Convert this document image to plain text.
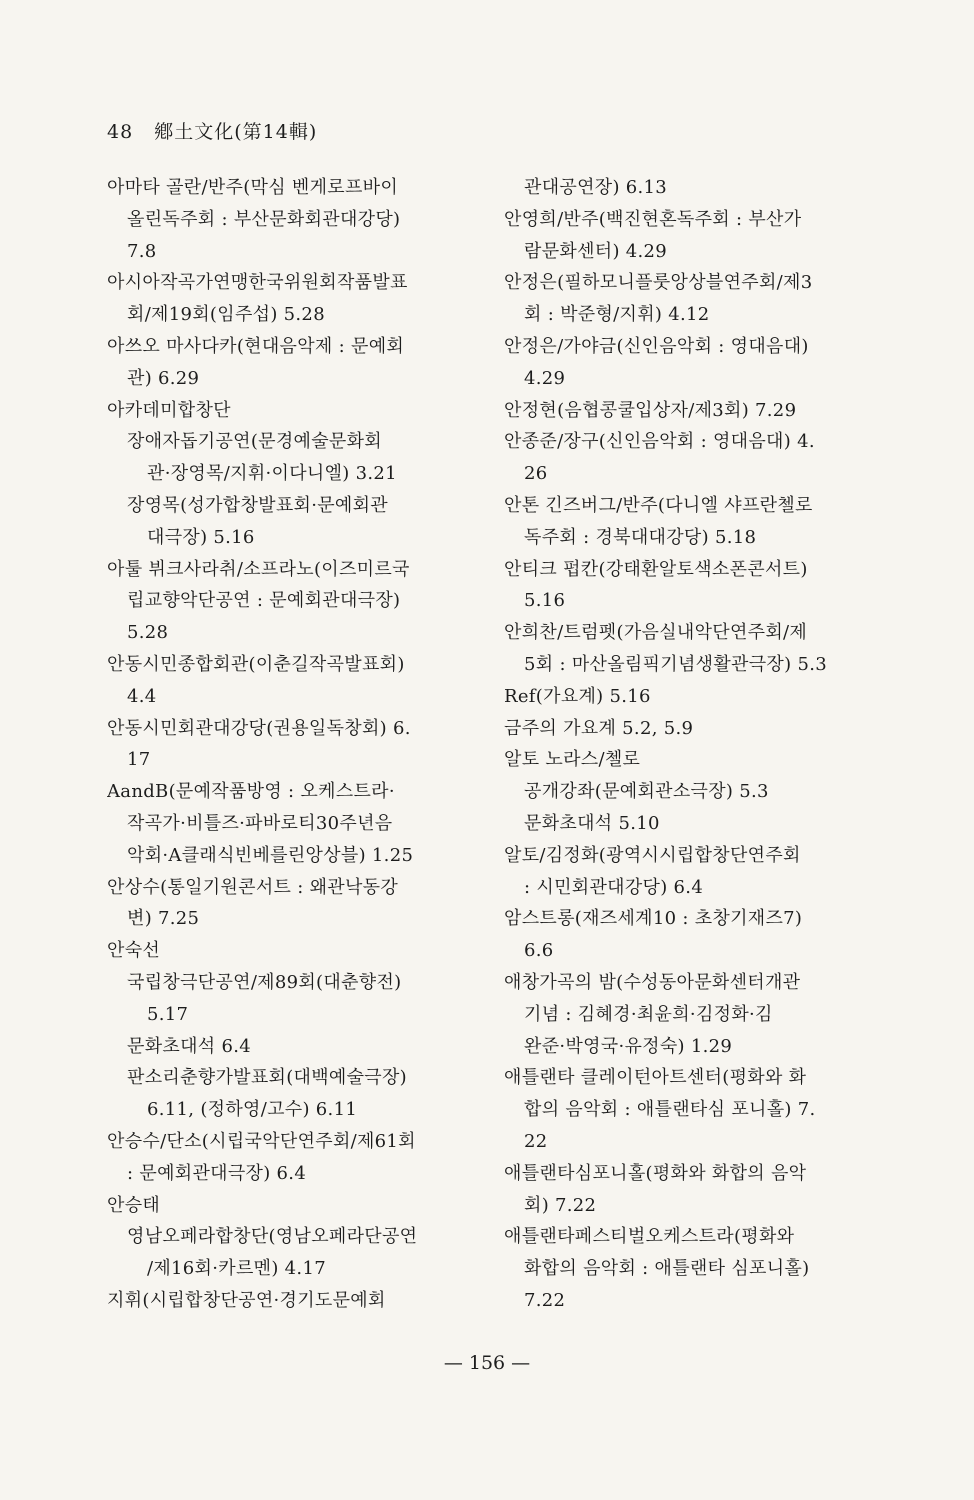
48 鄕土文化(第14輯)
아마타 골란/반주(막심 벤게로프바이
올린독주회 : 부산문화회관대강당)
7.8
아시아작곡가연맹한국위원회작품발표
회/제19회(임주섭) 5.28
아쓰오 마사다카(현대음악제 : 문예회
관) 6.29
아카데미합창단
장애자돕기공연(문경예술문화회
관·장영목/지휘·이다니엘) 3.21
장영목(성가합창발표회·문예회관
대극장) 5.16
아툴 뷔크사라취/소프라노(이즈미르국
립교향악단공연 : 문예회관대극장)
5.28
안동시민종합회관(이춘길작곡발표회)
4.4
안동시민회관대강당(권용일독창회) 6.
17
AandB(문예작품방영 : 오케스트라·
작곡가·비틀즈·파바로티30주년음
악회·A클래식빈베를린앙상블) 1.25
안상수(통일기원콘서트 : 왜관낙동강
변) 7.25
안숙선
국립창극단공연/제89회(대춘향전)
5.17
문화초대석 6.4
판소리춘향가발표회(대백예술극장)
6.11, (정하영/고수) 6.11
안승수/단소(시립국악단연주회/제61회
: 문예회관대극장) 6.4
안승태
영남오페라합창단(영남오페라단공연
/제16회·카르멘) 4.17
지휘(시립합창단공연·경기도문예회
관대공연장) 6.13
안영희/반주(백진현혼독주회 : 부산가
람문화센터) 4.29
안정은(필하모니플룻앙상블연주회/제3
회 : 박준형/지휘) 4.12
안정은/가야금(신인음악회 : 영대음대)
4.29
안정현(음협콩쿨입상자/제3회) 7.29
안종준/장구(신인음악회 : 영대음대) 4.
26
안톤 긴즈버그/반주(다니엘 샤프란첼로
독주회 : 경북대대강당) 5.18
안티크 펍칸(강태환알토색소폰콘서트)
5.16
안희찬/트럼펫(가음실내악단연주회/제
5회 : 마산올림픽기념생활관극장) 5.3
Ref(가요계) 5.16
금주의 가요계 5.2, 5.9
알토 노라스/첼로
공개강좌(문예회관소극장) 5.3
문화초대석 5.10
알토/김정화(광역시시립합창단연주회
: 시민회관대강당) 6.4
암스트롱(재즈세계10 : 초창기재즈7)
6.6
애창가곡의 밤(수성동아문화센터개관
기념 : 김혜경·최윤희·김정화·김
완준·박영국·유정숙) 1.29
애틀랜타 클레이턴아트센터(평화와 화
합의 음악회 : 애틀랜타심 포니홀) 7.
22
애틀랜타심포니홀(평화와 화합의 음악
회) 7.22
애틀랜타페스티벌오케스트라(평화와
화합의 음악회 : 애틀랜타 심포니홀)
7.22
— 156 —
